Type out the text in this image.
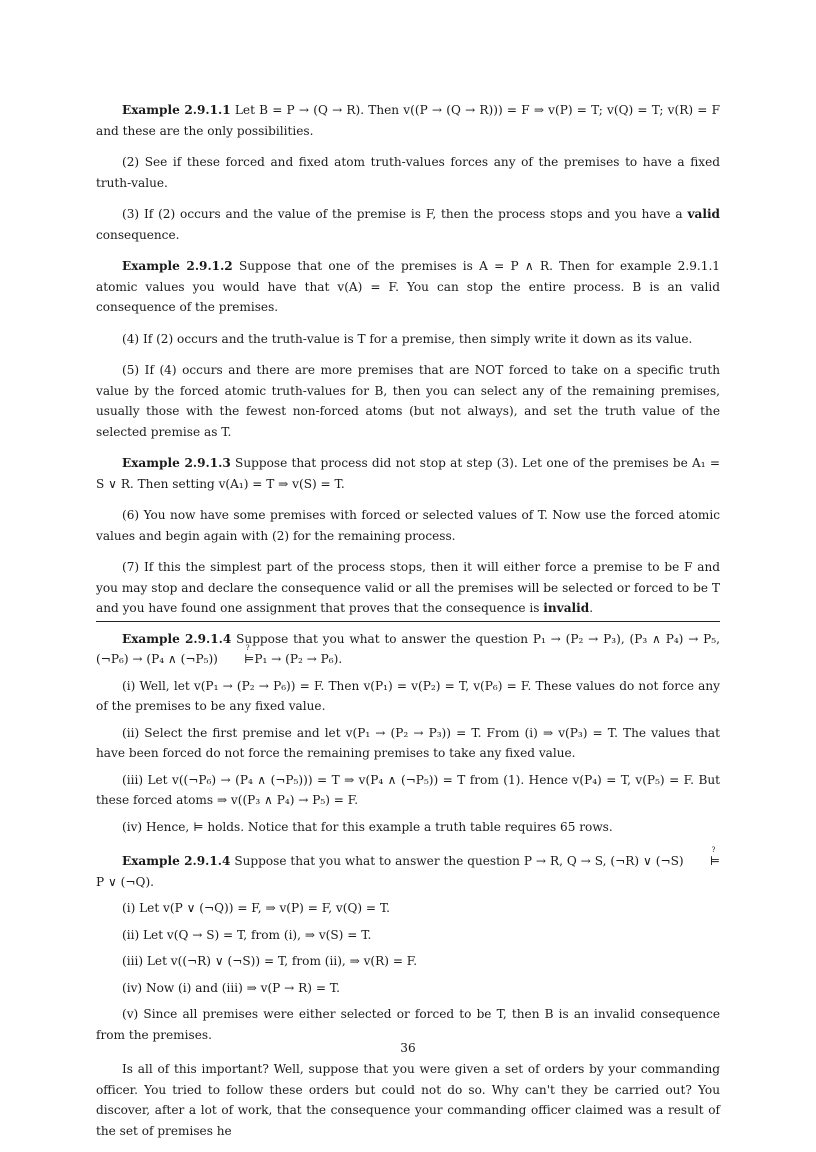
Example 2.9.1.1 Let B = P → (Q → R). Then v((P → (Q → R))) = F ⇒ v(P) = T; v(Q) = T; v(R) = F and these are the only possibilities.

(2) See if these forced and fixed atom truth-values forces any of the premises to have a fixed truth-value.

(3) If (2) occurs and the value of the premise is F, then the process stops and you have a valid consequence.

Example 2.9.1.2 Suppose that one of the premises is A = P ∧ R. Then for example 2.9.1.1 atomic values you would have that v(A) = F. You can stop the entire process. B is an valid consequence of the premises.

(4) If (2) occurs and the truth-value is T for a premise, then simply write it down as its value.

(5) If (4) occurs and there are more premises that are NOT forced to take on a specific truth value by the forced atomic truth-values for B, then you can select any of the remaining premises, usually those with the fewest non-forced atoms (but not always), and set the truth value of the selected premise as T.

Example 2.9.1.3 Suppose that process did not stop at step (3). Let one of the premises be A₁ = S ∨ R. Then setting v(A₁) = T ⇒ v(S) = T.

(6) You now have some premises with forced or selected values of T. Now use the forced atomic values and begin again with (2) for the remaining process.

(7) If this the simplest part of the process stops, then it will either force a premise to be F and you may stop and declare the consequence valid or all the premises will be selected or forced to be T and you have found one assignment that proves that the consequence is invalid.

Example 2.9.1.4 Suppose that you what to answer the question P₁ → (P₂ → P₃), (P₃ ∧ P₄) → P₅, (¬P₆) → (P₄ ∧ (¬P₅))
?
⊨P₁ → (P₂ → P₆).

(i) Well, let v(P₁ → (P₂ → P₆)) = F. Then v(P₁) = v(P₂) = T, v(P₆) = F. These values do not force any of the premises to be any fixed value.

(ii) Select the first premise and let v(P₁ → (P₂ → P₃)) = T. From (i) ⇒ v(P₃) = T. The values that have been forced do not force the remaining premises to take any fixed value.

(iii) Let v((¬P₆) → (P₄ ∧ (¬P₅))) = T ⇒ v(P₄ ∧ (¬P₅)) = T from (1). Hence v(P₄) = T, v(P₅) = F. But these forced atoms ⇒ v((P₃ ∧ P₄) → P₅) = F.

(iv) Hence, ⊨ holds. Notice that for this example a truth table requires 65 rows.

Example 2.9.1.4 Suppose that you what to answer the question P → R, Q → S, (¬R) ∨ (¬S)
?
⊨P ∨ (¬Q).

(i) Let v(P ∨ (¬Q)) = F, ⇒ v(P) = F, v(Q) = T.

(ii) Let v(Q → S) = T, from (i), ⇒ v(S) = T.

(iii) Let v((¬R) ∨ (¬S)) = T, from (ii), ⇒ v(R) = F.

(iv) Now (i) and (iii) ⇒ v(P → R) = T.

(v) Since all premises were either selected or forced to be T, then B is an invalid consequence from the premises.

Is all of this important? Well, suppose that you were given a set of orders by your commanding officer. You tried to follow these orders but could not do so. Why can't they be carried out? You discover, after a lot of work, that the consequence your commanding officer claimed was a result of the set of premises he

36
